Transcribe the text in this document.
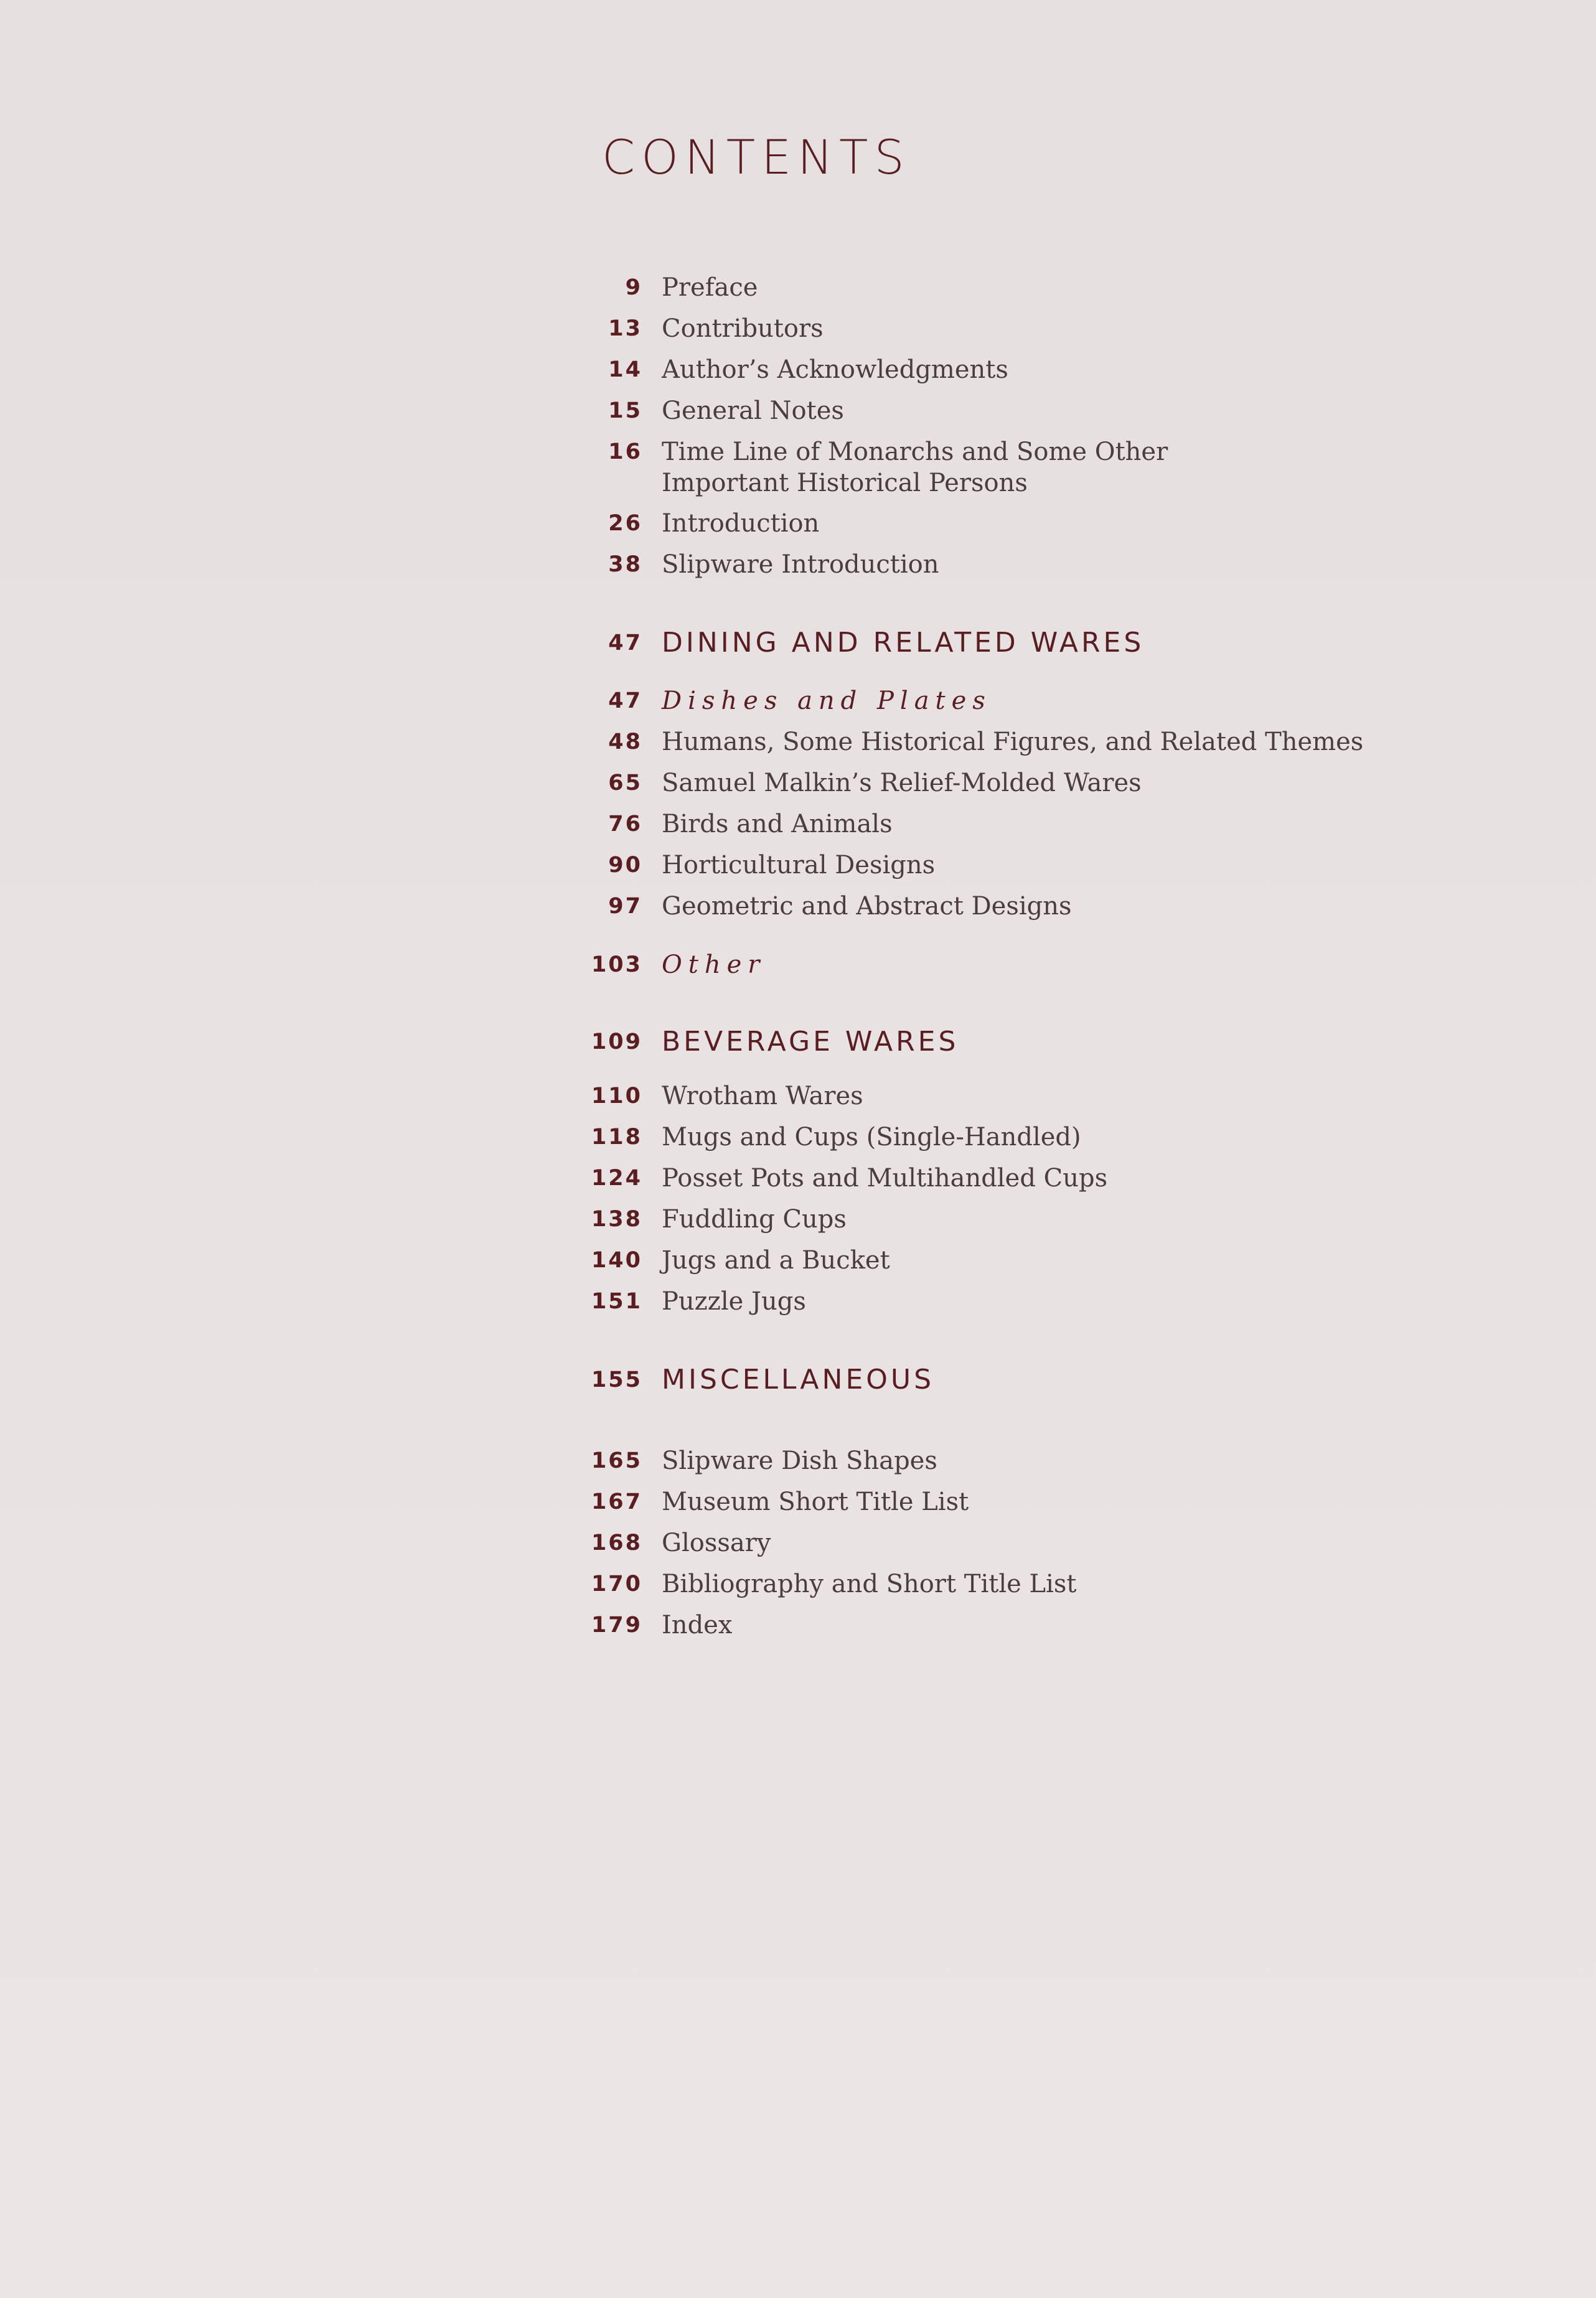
CONTENTS
9 Preface
13 Contributors
14 Author’s Acknowledgments
15 General Notes
16 Time Line of Monarchs and Some Other
Important Historical Persons
26 Introduction
38 Slipware Introduction
47 DINING AND RELATED WARES
47 Dishes and Plates
48 Humans, Some Historical Figures, and Related Themes
65 Samuel Malkin’s Relief-Molded Wares
76 Birds and Animals
90 Horticultural Designs
97 Geometric and Abstract Designs
103 Other
109 BEVERAGE WARES
110 Wrotham Wares
118 Mugs and Cups (Single-Handled)
124 Posset Pots and Multihandled Cups
138 Fuddling Cups
140 Jugs and a Bucket
151 Puzzle Jugs
155 MISCELLANEOUS
165 Slipware Dish Shapes
167 Museum Short Title List
168 Glossary
170 Bibliography and Short Title List
179 Index
